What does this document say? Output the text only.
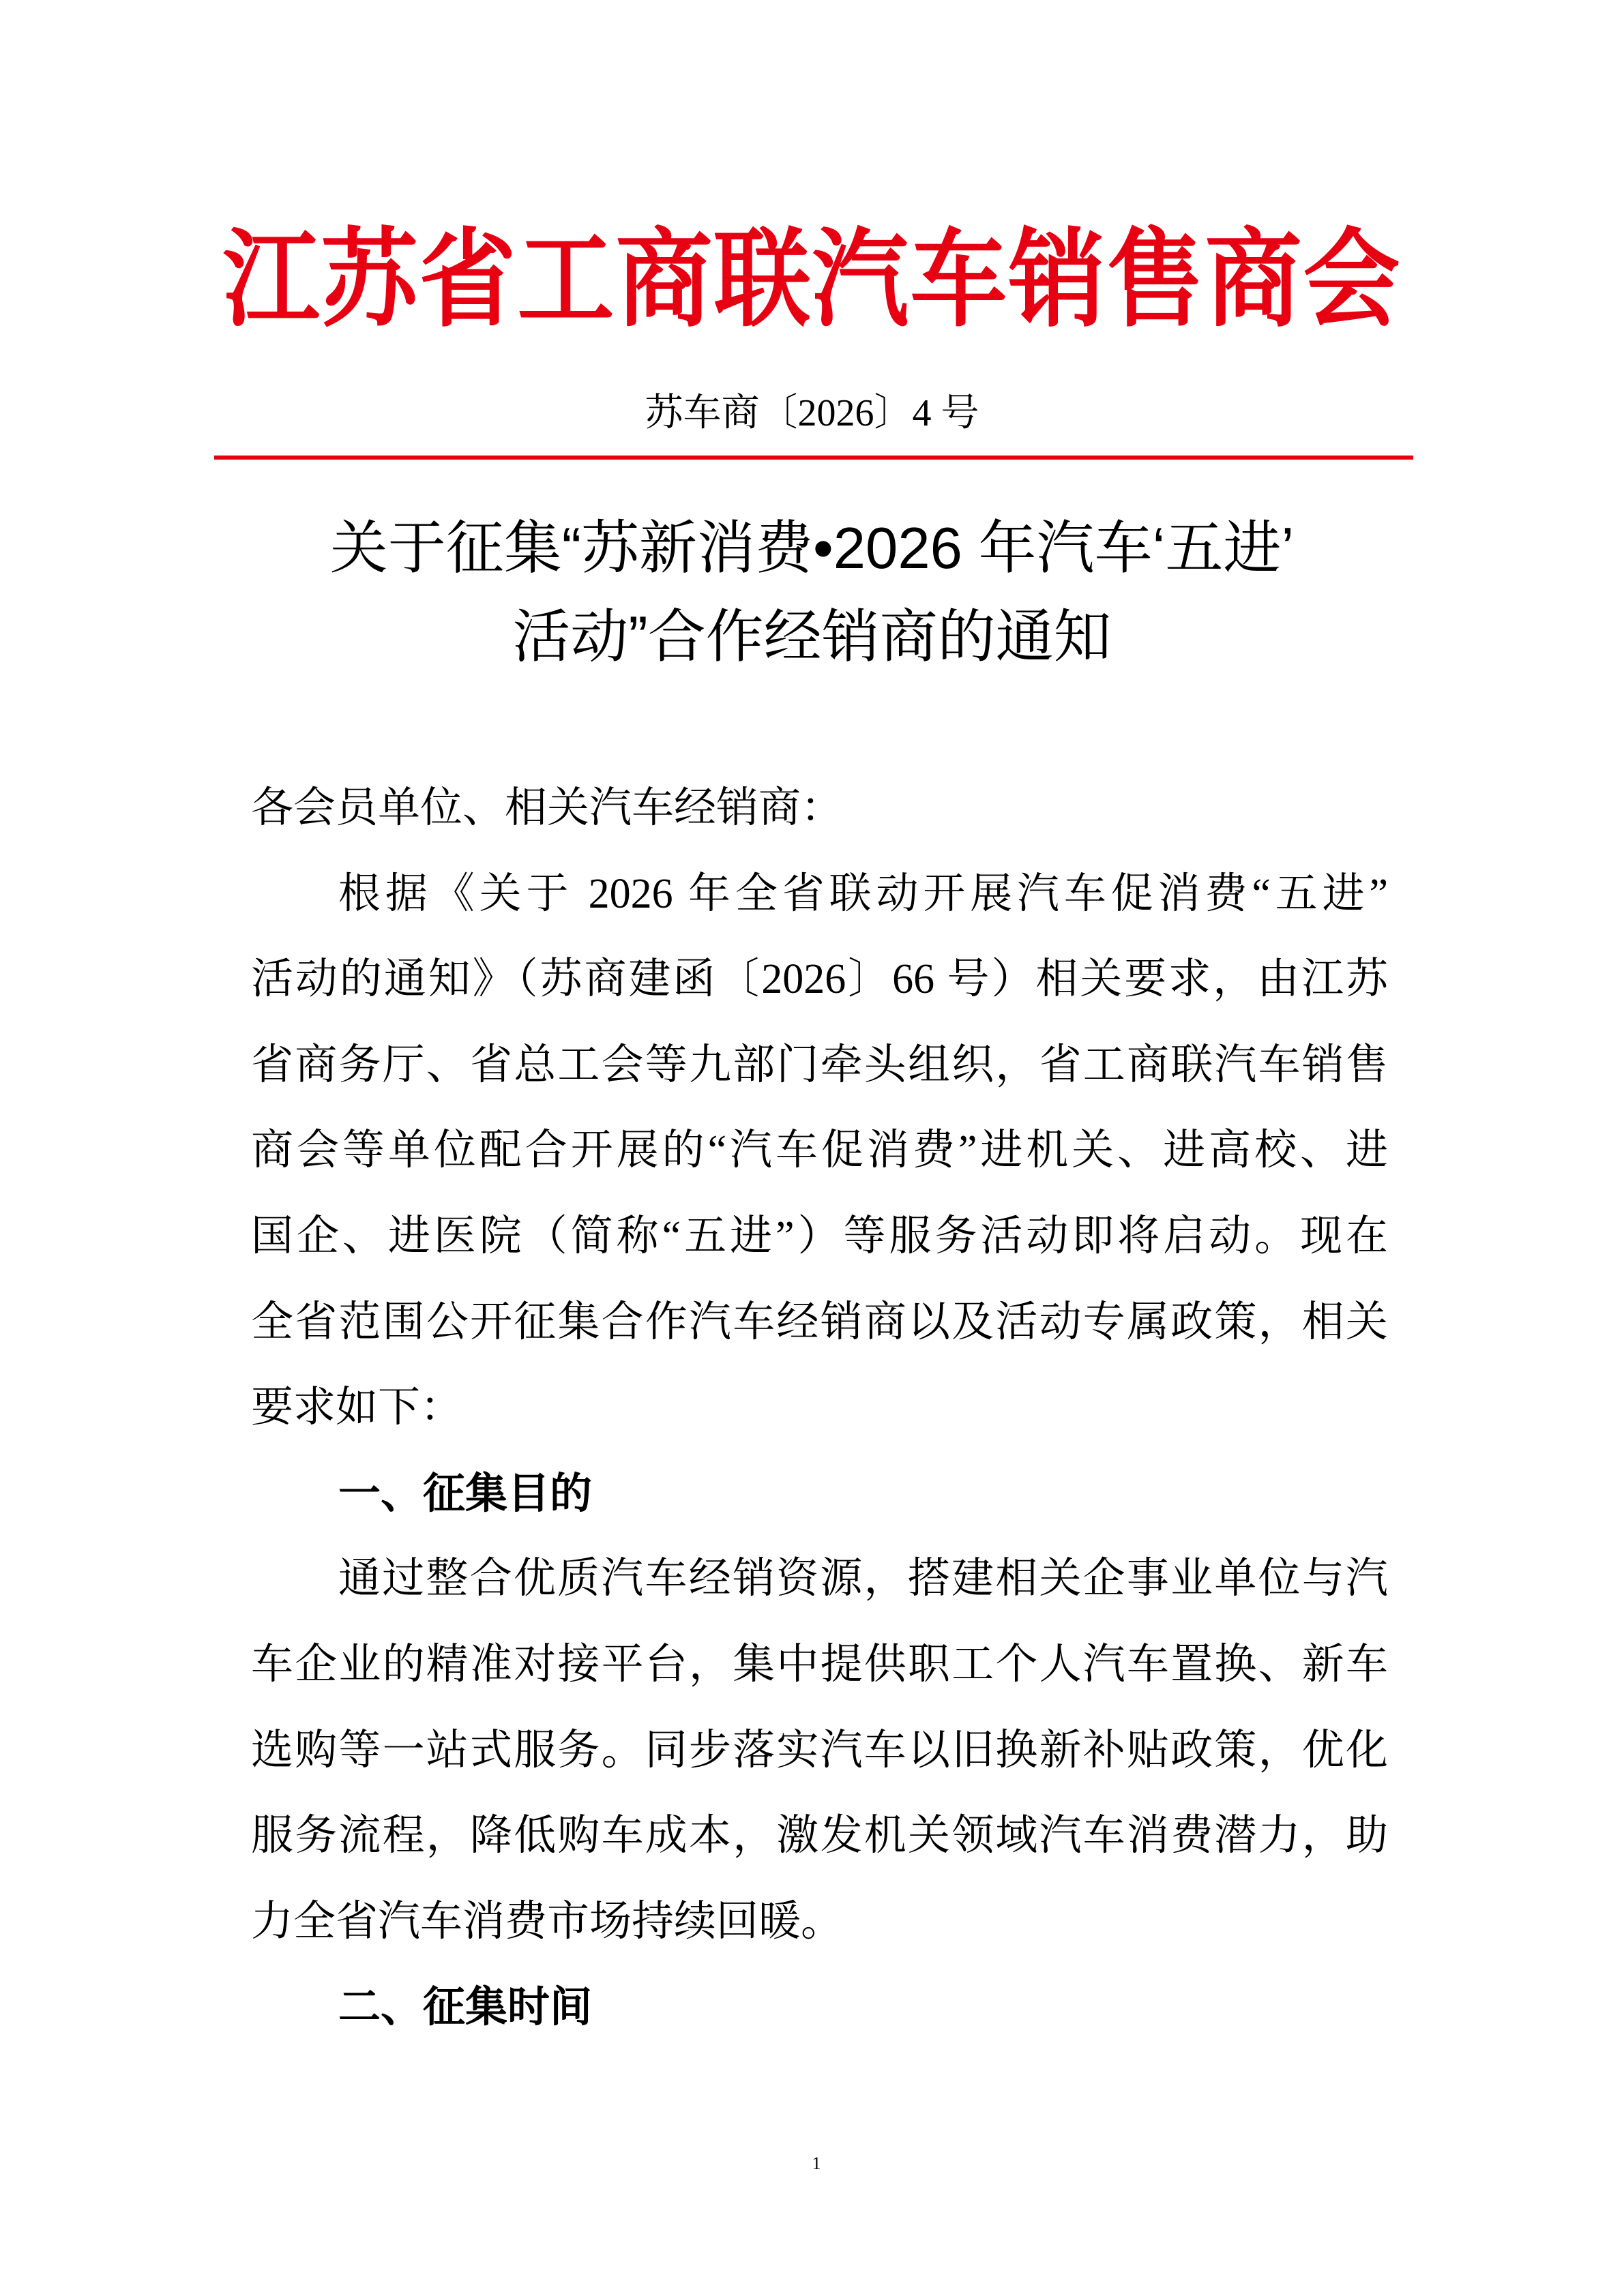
江苏省工商联汽车销售商会
苏车商〔2026〕4 号
关于征集“苏新消费•2026 年汽车‘五进’
活动”合作经销商的通知
各会员单位、相关汽车经销商：
根据《关于 2026 年全省联动开展汽车促消费“五进”
活动的通知》（苏商建函〔2026〕66 号）相关要求，由江苏
省商务厅、省总工会等九部门牵头组织，省工商联汽车销售
商会等单位配合开展的“汽车促消费”进机关、进高校、进
国企、进医院（简称“五进”）等服务活动即将启动。现在
全省范围公开征集合作汽车经销商以及活动专属政策，相关
要求如下：
一、征集目的
通过整合优质汽车经销资源，搭建相关企事业单位与汽
车企业的精准对接平台，集中提供职工个人汽车置换、新车
选购等一站式服务。同步落实汽车以旧换新补贴政策，优化
服务流程，降低购车成本，激发机关领域汽车消费潜力，助
力全省汽车消费市场持续回暖。
二、征集时间
1
